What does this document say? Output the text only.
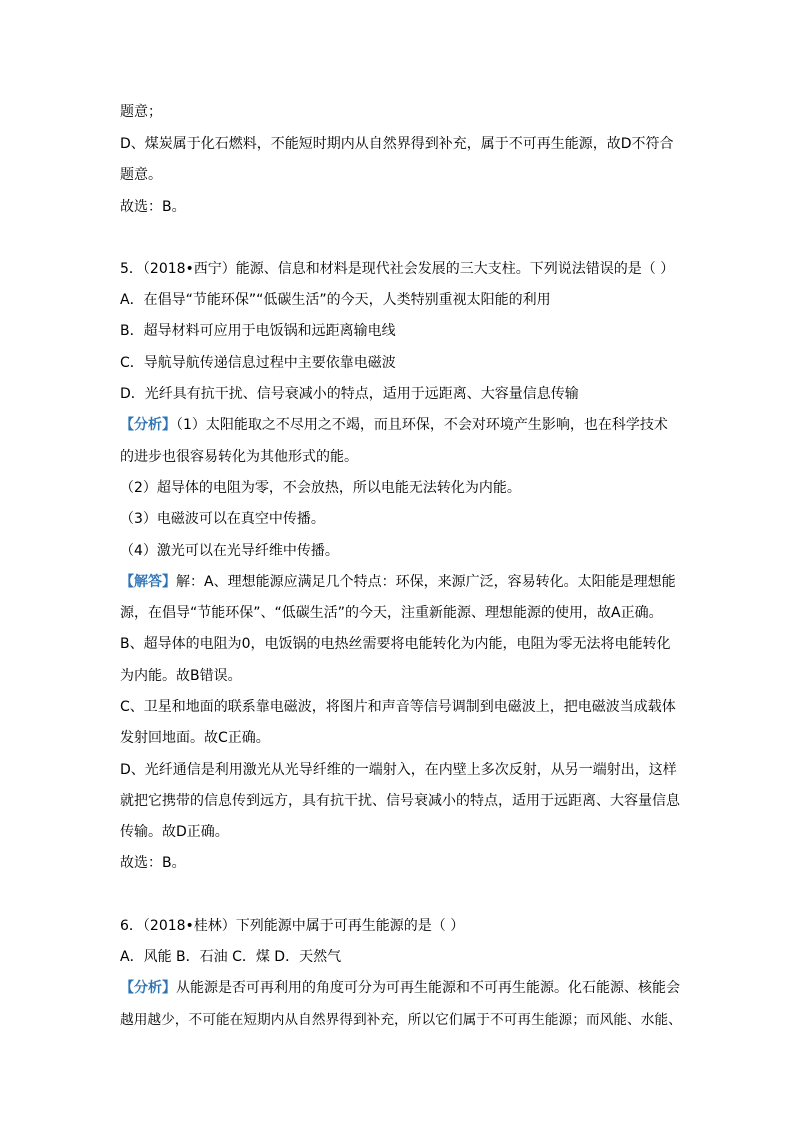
题意；
D、煤炭属于化石燃料，不能短时期内从自然界得到补充，属于不可再生能源，故D不符合
题意。
故选：B。
5．（2018•西宁）能源、信息和材料是现代社会发展的三大支柱。下列说法错误的是（ ）
A．在倡导“节能环保”“低碳生活”的今天，人类特别重视太阳能的利用
B．超导材料可应用于电饭锅和远距离输电线
C．导航导航传递信息过程中主要依靠电磁波
D．光纤具有抗干扰、信号衰减小的特点，适用于远距离、大容量信息传输
【分析】（1）太阳能取之不尽用之不竭，而且环保，不会对环境产生影响，也在科学技术
的进步也很容易转化为其他形式的能。
（2）超导体的电阻为零，不会放热，所以电能无法转化为内能。
（3）电磁波可以在真空中传播。
（4）激光可以在光导纤维中传播。
【解答】解：A、理想能源应满足几个特点：环保，来源广泛，容易转化。太阳能是理想能
源，在倡导“节能环保”、“低碳生活”的今天，注重新能源、理想能源的使用，故A正确。
B、超导体的电阻为0，电饭锅的电热丝需要将电能转化为内能，电阻为零无法将电能转化
为内能。故B错误。
C、卫星和地面的联系靠电磁波，将图片和声音等信号调制到电磁波上，把电磁波当成载体
发射回地面。故C正确。
D、光纤通信是利用激光从光导纤维的一端射入，在内壁上多次反射，从另一端射出，这样
就把它携带的信息传到远方，具有抗干扰、信号衰减小的特点，适用于远距离、大容量信息
传输。故D正确。
故选：B。
6．（2018•桂林）下列能源中属于可再生能源的是（ ）
A．风能 B．石油 C．煤 D．天然气
【分析】从能源是否可再利用的角度可分为可再生能源和不可再生能源。化石能源、核能会
越用越少，不可能在短期内从自然界得到补充，所以它们属于不可再生能源；而风能、水能、
